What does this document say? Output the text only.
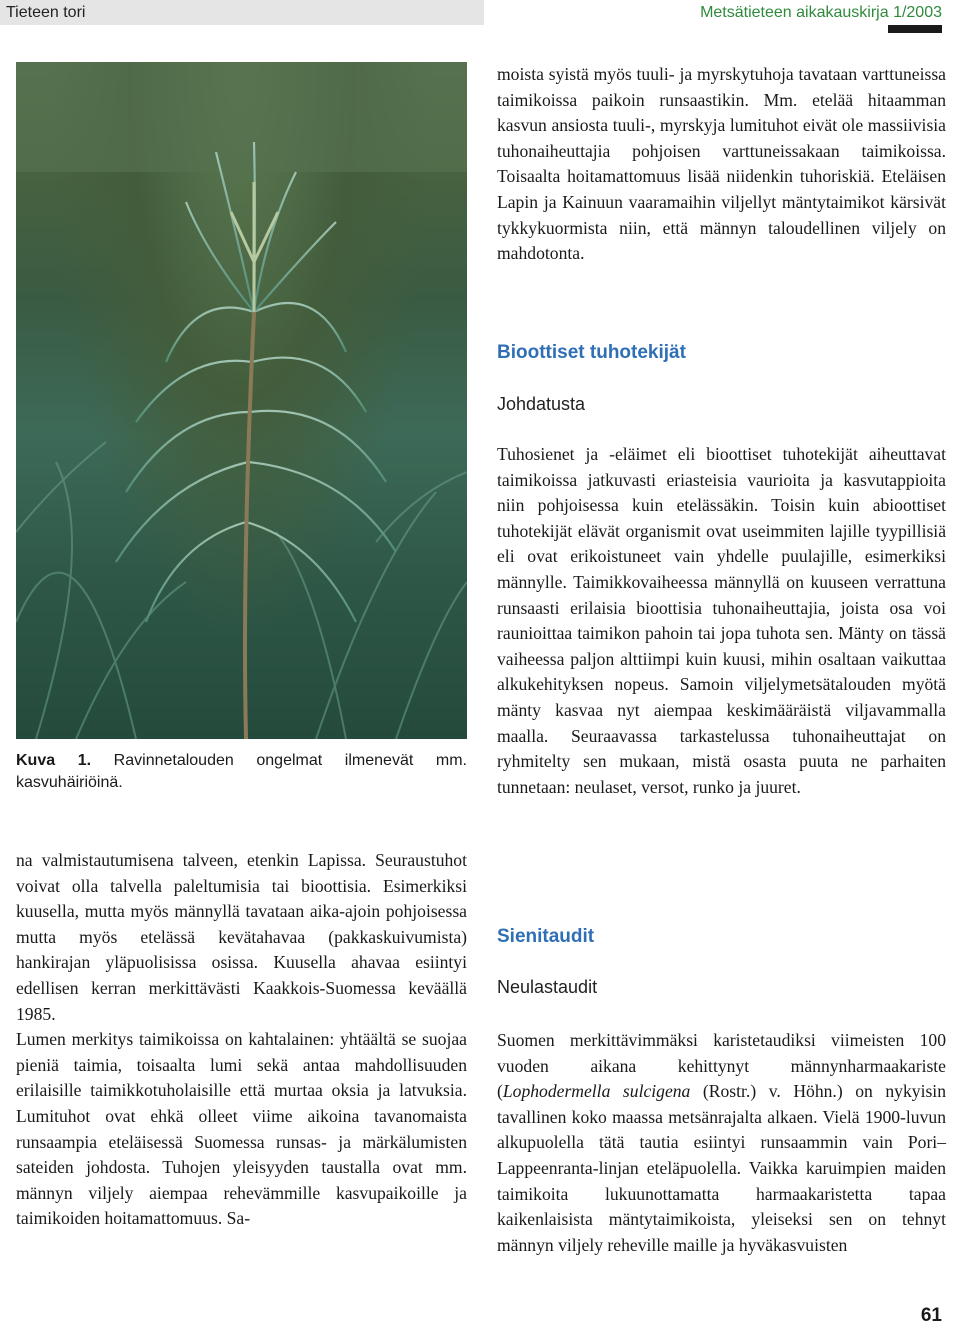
Tieteen tori	Metsätieteen aikakauskirja 1/2003
Kuva 1. Ravinnetalouden ongelmat ilmenevät mm. kasvuhäiriöinä.

na valmistautumisena talveen, etenkin Lapissa. Seuraustuhot voivat olla talvella paleltumisia tai bioottisia. Esimerkiksi kuusella, mutta myös männyllä tavataan aika-ajoin pohjoisessa mutta myös etelässä kevätahavaa (pakkaskuivumista) hankirajan yläpuolisissa osissa. Kuusella ahavaa esiintyi edellisen kerran merkittävästi Kaakkois-Suomessa keväällä 1985.

Lumen merkitys taimikoissa on kahtalainen: yhtäältä se suojaa pieniä taimia, toisaalta lumi sekä antaa mahdollisuuden erilaisille taimikkotuholaisille että murtaa oksia ja latvuksia. Lumituhot ovat ehkä olleet viime aikoina tavanomaista runsaampia eteläisessä Suomessa runsas- ja märkälumisten sateiden johdosta. Tuhojen yleisyyden taustalla ovat mm. männyn viljely aiempaa rehevämmille kasvupaikoille ja taimikoiden hoitamattomuus. Sa-

moista syistä myös tuuli- ja myrskytuhoja tavataan varttuneissa taimikoissa paikoin runsaastikin. Mm. etelää hitaamman kasvun ansiosta tuuli-, myrskyja lumituhot eivät ole massiivisia tuhonaiheuttajia pohjoisen varttuneissakaan taimikoissa. Toisaalta hoitamattomuus lisää niidenkin tuhoriskiä. Eteläisen Lapin ja Kainuun vaaramaihin viljellyt mäntytaimikot kärsivät tykkykuormista niin, että männyn taloudellinen viljely on mahdotonta.

Bioottiset tuhotekijät
Johdatusta

Tuhosienet ja -eläimet eli bioottiset tuhotekijät aiheuttavat taimikoissa jatkuvasti eriasteisia vaurioita ja kasvutappioita niin pohjoisessa kuin etelässäkin. Toisin kuin abioottiset tuhotekijät elävät organismit ovat useimmiten lajille tyypillisiä eli ovat erikoistuneet vain yhdelle puulajille, esimerkiksi männylle. Taimikkovaiheessa männyllä on kuuseen verrattuna runsaasti erilaisia bioottisia tuhonaiheuttajia, joista osa voi raunioittaa taimikon pahoin tai jopa tuhota sen. Mänty on tässä vaiheessa paljon alttiimpi kuin kuusi, mihin osaltaan vaikuttaa alkukehityksen nopeus. Samoin viljelymetsätalouden myötä mänty kasvaa nyt aiempaa keskimääräistä viljavammalla maalla. Seuraavassa tarkastelussa tuhonaiheuttajat on ryhmitelty sen mukaan, mistä osasta puuta ne parhaiten tunnetaan: neulaset, versot, runko ja juuret.

Sienitaudit
Neulastaudit

Suomen merkittävimmäksi karistetaudiksi viimeisten 100 vuoden aikana kehittynyt männynharmaakariste (Lophodermella sulcigena (Rostr.) v. Höhn.) on nykyisin tavallinen koko maassa metsänrajalta alkaen. Vielä 1900-luvun alkupuolella tätä tautia esiintyi runsaammin vain Pori–Lappeenranta-linjan eteläpuolella. Vaikka karuimpien maiden taimikoita lukuunottamatta harmaakaristetta tapaa kaikenlaisista mäntytaimikoista, yleiseksi sen on tehnyt männyn viljely reheville maille ja hyväkasvuisten

61
